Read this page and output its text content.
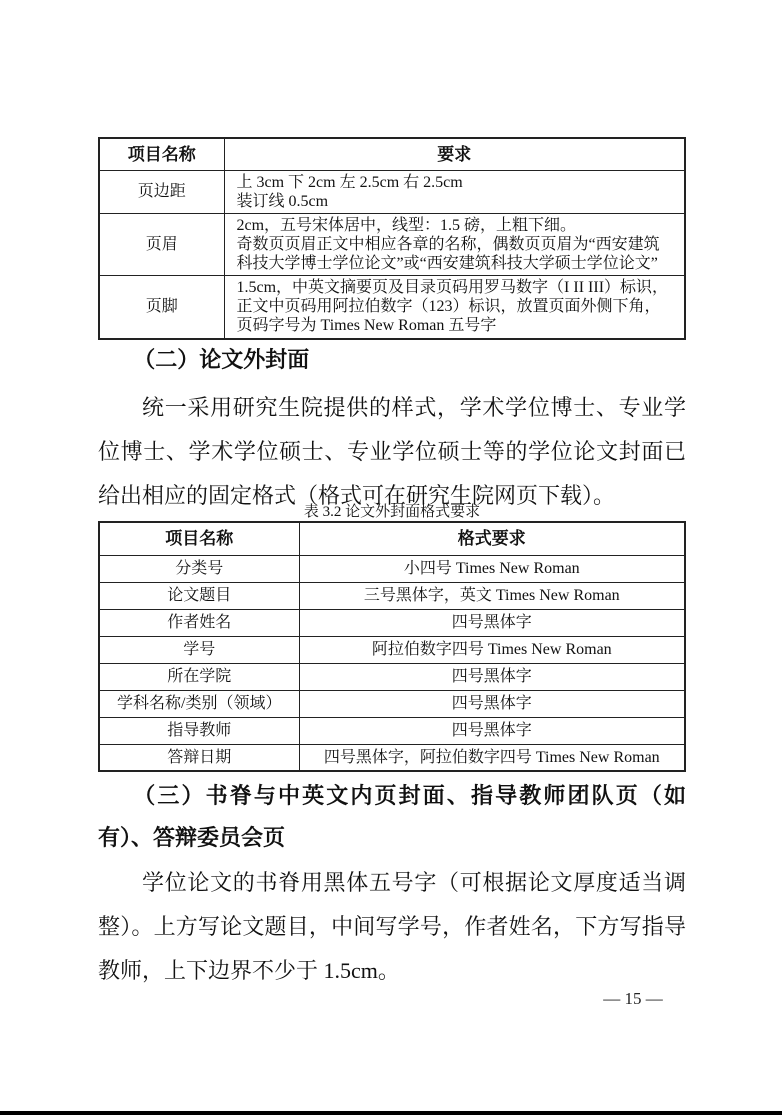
项目名称	要求
页边距	上 3cm 下 2cm 左 2.5cm 右 2.5cm
装订线 0.5cm

页眉	2cm，五号宋体居中，线型：1.5 磅，上粗下细。
奇数页页眉正文中相应各章的名称，偶数页页眉为“西安建筑科技大学博士学位论文”或“西安建筑科技大学硕士学位论文”

页脚	1.5cm，中英文摘要页及目录页码用罗马数字（I II III）标识，正文中页码用阿拉伯数字（123）标识，放置页面外侧下角，页码字号为 Times New Roman 五号字
（二）论文外封面
统一采用研究生院提供的样式，学术学位博士、专业学位博士、学术学位硕士、专业学位硕士等的学位论文封面已给出相应的固定格式（格式可在研究生院网页下载）。
表 3.2 论文外封面格式要求
项目名称	格式要求
分类号	小四号 Times New Roman
论文题目	三号黑体字，英文 Times New Roman
作者姓名	四号黑体字
学号	阿拉伯数字四号 Times New Roman
所在学院	四号黑体字
学科名称/类别（领域）	四号黑体字
指导教师	四号黑体字
答辩日期	四号黑体字，阿拉伯数字四号 Times New Roman
（三）书脊与中英文内页封面、指导教师团队页（如有）、答辩委员会页
学位论文的书脊用黑体五号字（可根据论文厚度适当调整）。上方写论文题目，中间写学号，作者姓名，下方写指导教师，上下边界不少于 1.5cm。
— 15 —
